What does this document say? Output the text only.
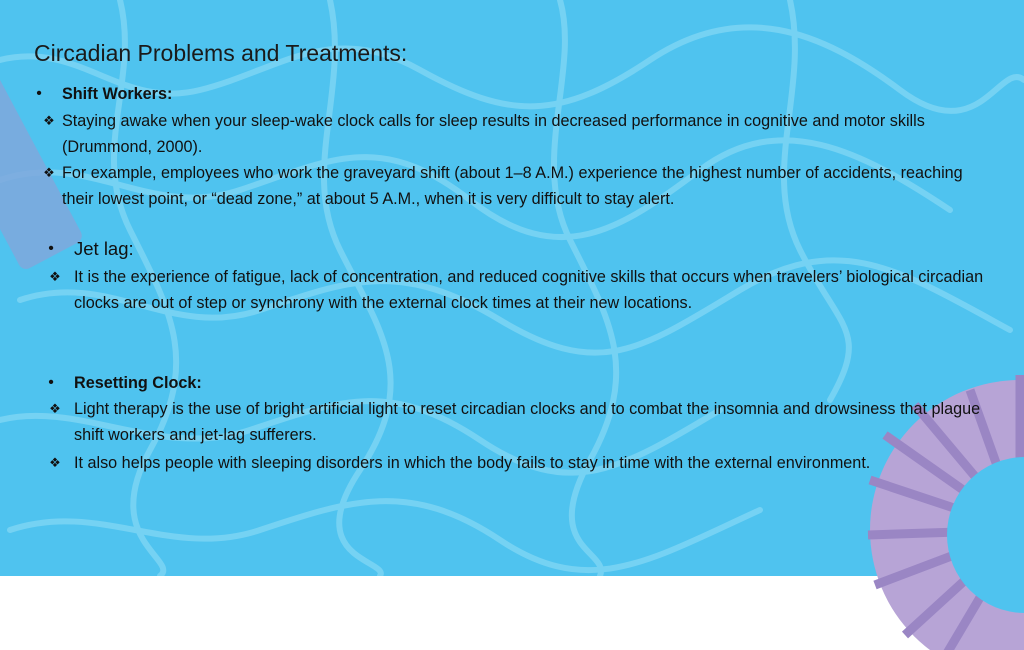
Circadian Problems and Treatments:
•	Shift Workers:
❖ Staying awake when your sleep-wake clock calls for sleep results in decreased performance in cognitive and motor skills (Drummond, 2000).
❖ For example, employees who work the graveyard shift (about 1–8 A.M.) experience the highest number of accidents, reaching their lowest point, or “dead zone,” at about 5 A.M., when it is very difficult to stay alert.
•	Jet lag:
❖ It is the experience of fatigue, lack of concentration, and reduced cognitive skills that occurs when travelers’ biological circadian clocks are out of step or synchrony with the external clock times at their new locations.
•	Resetting Clock:
❖ Light therapy is the use of bright artificial light to reset circadian clocks and to combat the insomnia and drowsiness that plague shift workers and jet-lag sufferers.
❖ It also helps people with sleeping disorders in which the body fails to stay in time with the external environment.
